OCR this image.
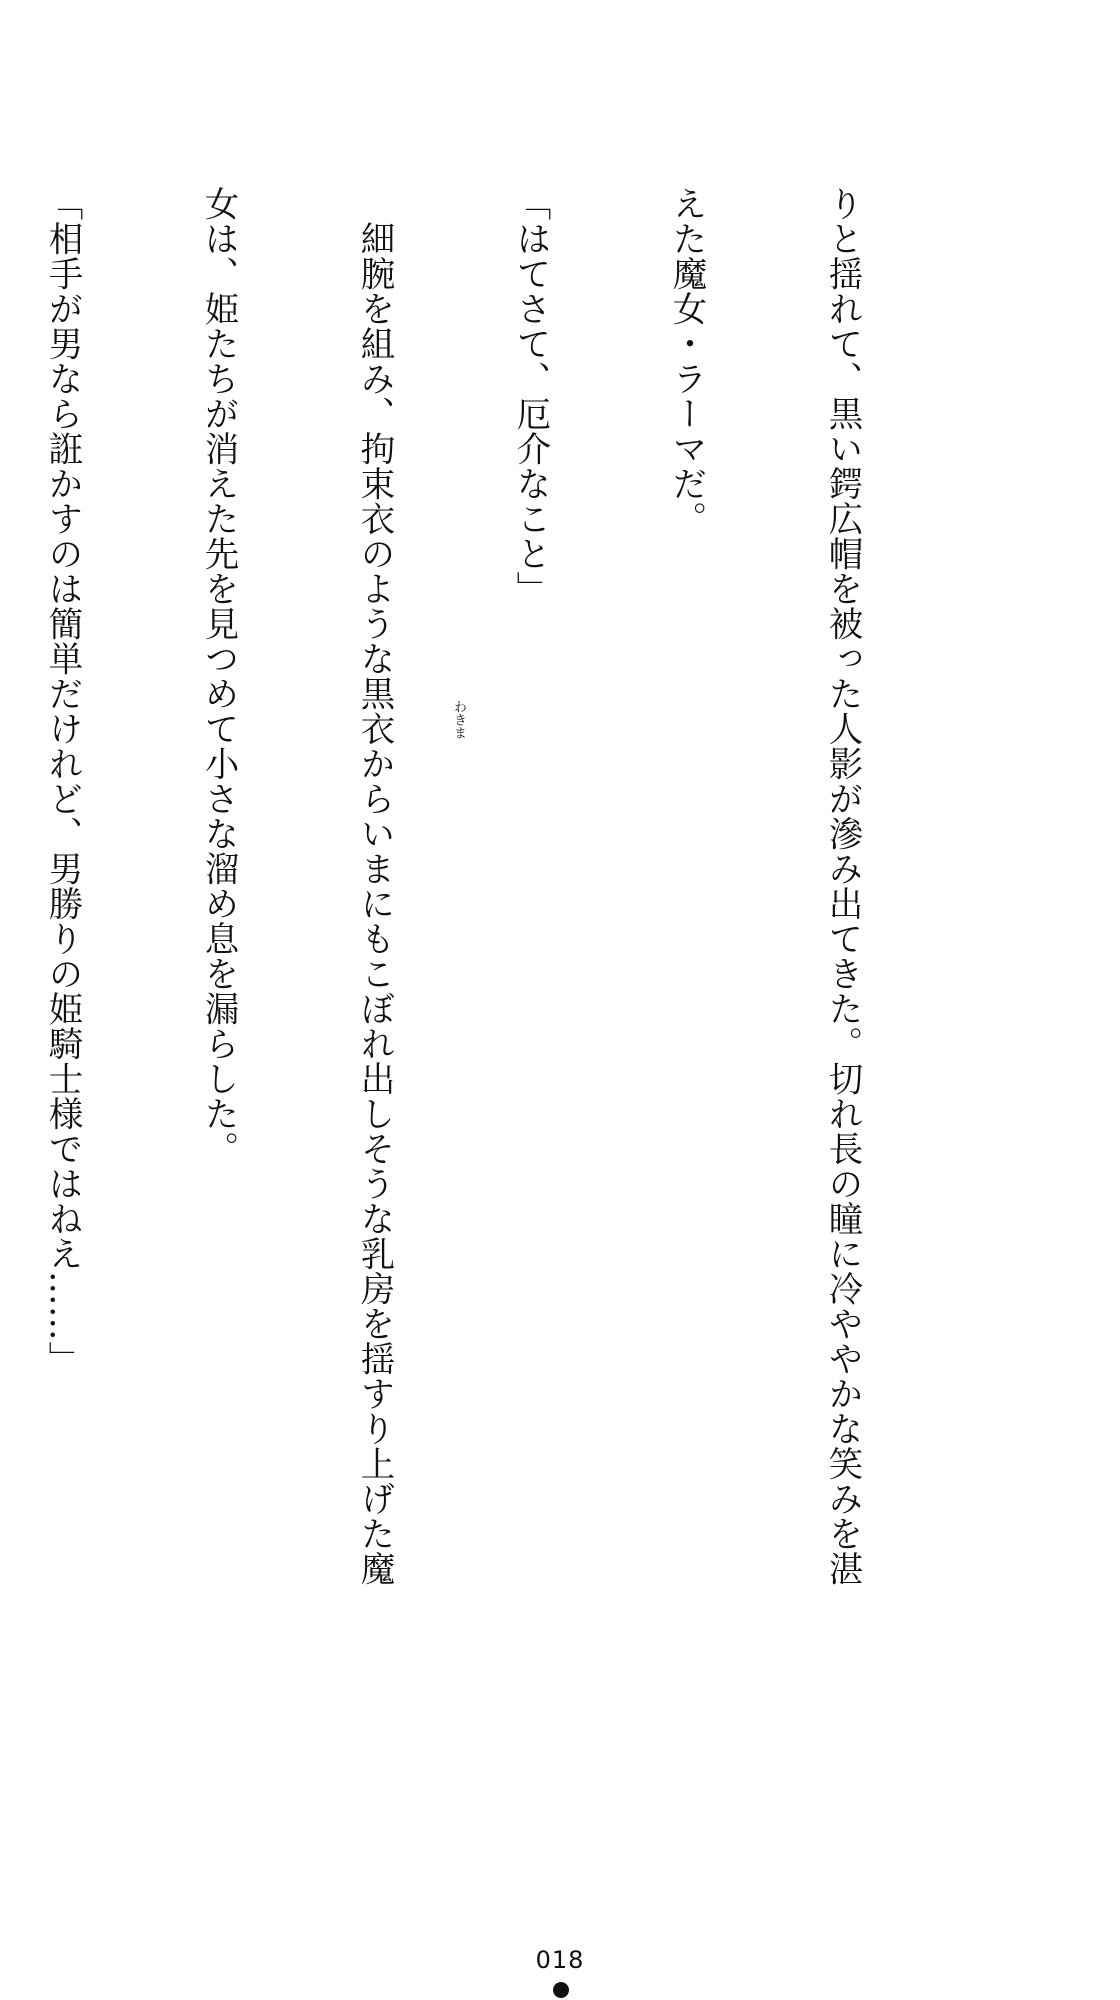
りと揺れて、黒い鍔広帽を被った人影が滲み出てきた。切れ長の瞳に冷ややかな笑みを湛

えた魔女・ラーマだ。

「はてさて、厄介なこと」

　細腕を組み、拘束衣のような黒衣からいまにもこぼれ出しそうな乳房を揺すり上げた魔

女は、姫たちが消えた先を見つめて小さな溜め息を漏らした。

「相手が男なら誑かすのは簡単だけれど、男勝りの姫騎士様ではねえ……」

	わきま
018
